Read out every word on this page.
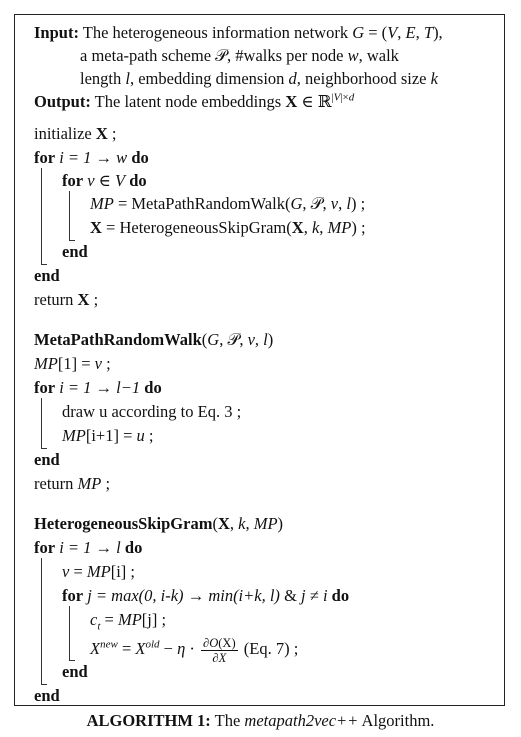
Input: The heterogeneous information network G = (V, E, T),
a meta-path scheme 𝒫, #walks per node w, walk
length l, embedding dimension d, neighborhood size k
Output: The latent node embeddings X ∈ ℝ$^{|V|\times d}$
initialize X ;
for i = 1 → w do
for v ∈ V do
MP = MetaPathRandomWalk(G, 𝒫, v, l) ;
X = HeterogeneousSkipGram(X, k, MP) ;
end
end
return X ;
MetaPathRandomWalk(G, 𝒫, v, l)
MP[1] = v ;
for i = 1 → l−1 do
draw u according to Eq. 3 ;
MP[i+1] = u ;
end
return MP ;
HeterogeneousSkipGram(X, k, MP)
for i = 1 → l do
v = MP[i] ;
for j = max(0, i-k) → min(i+k, l) & j ≠ i do
$c_t = MP[j]$ ;
$X^{new} = X^{old} - \eta \cdot \frac{\partial O(X)}{\partial X} (Eq$. 7) ;
end
end
ALGORITHM 1: The metapath2vec++ Algorithm.
